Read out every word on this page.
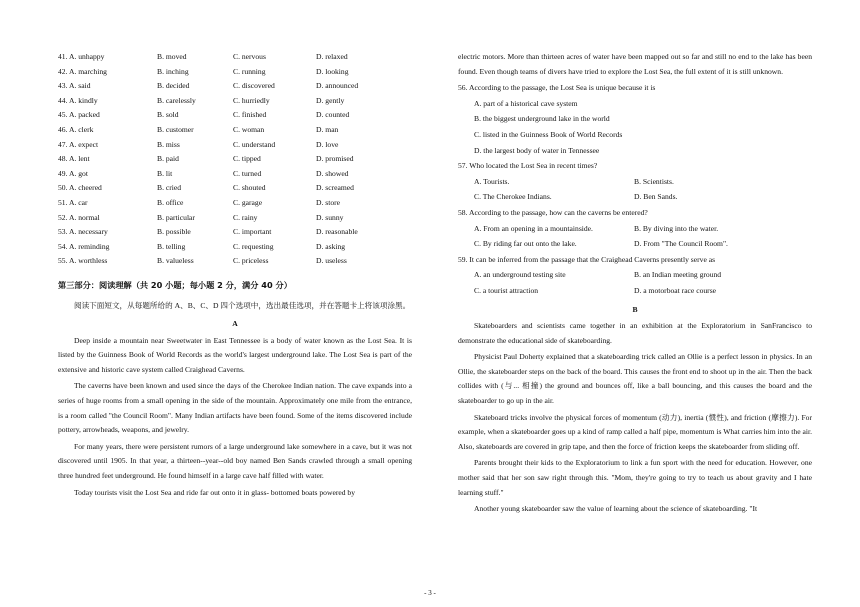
41. A. unhappy	B. moved	C. nervous	D. relaxed
42. A. marching	B. inching	C. running	D. looking
43. A. said	B. decided	C. discovered	D. announced
44. A. kindly	B. carelessly	C. hurriedly	D. gently
45. A. packed	B. sold	C. finished	D. counted
46. A. clerk	B. customer	C. woman	D. man
47. A. expect	B. miss	C. understand	D. love
48. A. lent	B. paid	C. tipped	D. promised
49. A. got	B. lit	C. turned	D. showed
50. A. cheered	B. cried	C. shouted	D. screamed
51. A. car	B. office	C. garage	D. store
52. A. normal	B. particular	C. rainy	D. sunny
53. A. necessary	B. possible	C. important	D. reasonable
54. A. reminding	B. telling	C. requesting	D. asking
55. A. worthless	B. valueless	C. priceless	D. useless
第三部分：阅读理解（共 20 小题；每小题 2 分，满分 40 分）
阅读下面短文，从每题所给的 A、B、C、D 四个选项中，选出最佳选项，并在答题卡上将该项涂黑。
A

Deep inside a mountain near Sweetwater in East Tennessee is a body of water known as the Lost Sea. It is listed by the Guinness Book of World Records as the world's largest underground lake. The Lost Sea is part of the extensive and historic cave system called Craighead Caverns.

The caverns have been known and used since the days of the Cherokee Indian nation. The cave expands into a series of huge rooms from a small opening in the side of the mountain. Approximately one mile from the entrance, is a room called "the Council Room". Many Indian artifacts have been found. Some of the items discovered include pottery, arrowheads, weapons, and jewelry.

For many years, there were persistent rumors of a large underground lake somewhere in a cave, but it was not discovered until 1905. In that year, a thirteen--year--old boy named Ben Sands crawled through a small opening three hundred feet underground. He found himself in a large cave half filled with water.

Today tourists visit the Lost Sea and ride far out onto it in glass- bottomed boats powered by

electric motors. More than thirteen acres of water have been mapped out so far and still no end to the lake has been found. Even though teams of divers have tried to explore the Lost Sea, the full extent of it is still unknown.

56. According to the passage, the Lost Sea is unique because it is
A. part of a historical cave system
B. the biggest underground lake in the world
C. listed in the Guinness Book of World Records
D. the largest body of water in Tennessee
57. Who located the Lost Sea in recent times?
A. Tourists.	B. Scientists.
C. The Cherokee Indians.	D. Ben Sands.
58. According to the passage, how can the caverns be entered?
A. From an opening in a mountainside.	B. By diving into the water.
C. By riding far out onto the lake.	D. From "The Council Room".
59. It can be inferred from the passage that the Craighead Caverns presently serve as
A. an underground testing site	B. an Indian meeting ground
C. a tourist attraction	D. a motorboat race course
B

Skateboarders and scientists came together in an exhibition at the Exploratorium in SanFrancisco to demonstrate the educational side of skateboarding.

Physicist Paul Doherty explained that a skateboarding trick called an Ollie is a perfect lesson in physics. In an Ollie, the skateboarder steps on the back of the board. This causes the front end to shoot up in the air. Then the back collides with (与... 相撞) the ground and bounces off, like a ball bouncing, and this causes the board and the skateboarder to go up in the air.

Skateboard tricks involve the physical forces of momentum (动力), inertia (惯性), and friction (摩擦力). For example, when a skateboarder goes up a kind of ramp called a half pipe, momentum is What carries him into the air. Also, skateboards are covered in grip tape, and then the force of friction keeps the skateboarder from sliding off.

Parents brought their kids to the Exploratorium to link a fun sport with the need for education. However, one mother said that her son saw right through this. "Mom, they're going to try to teach us about gravity and I hate learning stuff."

Another young skateboarder saw the value of learning about the science of skateboarding. "It

- 3 -
